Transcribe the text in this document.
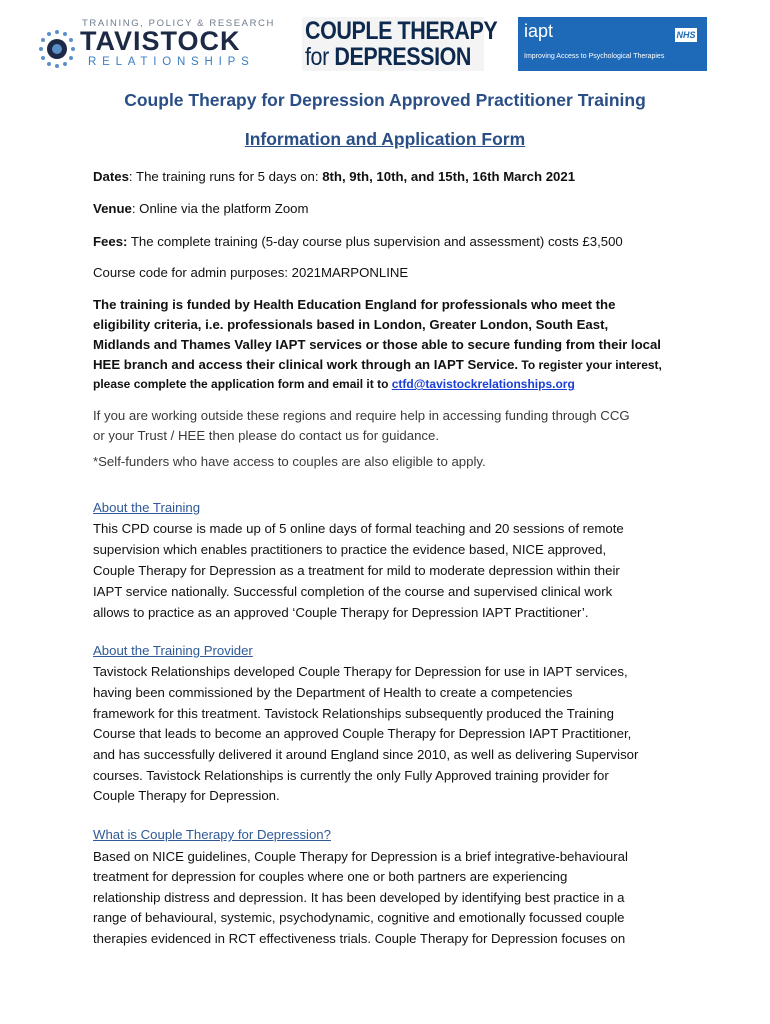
TRAINING, POLICY & RESEARCH
TAVISTOCK
RELATIONSHIPS
COUPLE THERAPY
for DEPRESSION
iapt
Improving Access to Psychological Therapies
NHS
Couple Therapy for Depression Approved Practitioner Training
Information and Application Form
Dates: The training runs for 5 days on: 8th, 9th, 10th, and 15th, 16th March 2021
Venue: Online via the platform Zoom
Fees: The complete training (5-day course plus supervision and assessment) costs £3,500
Course code for admin purposes: 2021MARPONLINE
The training is funded by Health Education England for professionals who meet the
eligibility criteria, i.e. professionals based in London, Greater London, South East,
Midlands and Thames Valley IAPT services or those able to secure funding from their local
HEE branch and access their clinical work through an IAPT Service. To register your interest,
please complete the application form and email it to ctfd@tavistockrelationships.org
If you are working outside these regions and require help in accessing funding through CCG
or your Trust / HEE then please do contact us for guidance.
*Self-funders who have access to couples are also eligible to apply.
About the Training
This CPD course is made up of 5 online days of formal teaching and 20 sessions of remote
supervision which enables practitioners to practice the evidence based, NICE approved,
Couple Therapy for Depression as a treatment for mild to moderate depression within their
IAPT service nationally. Successful completion of the course and supervised clinical work
allows to practice as an approved ‘Couple Therapy for Depression IAPT Practitioner’.
About the Training Provider
Tavistock Relationships developed Couple Therapy for Depression for use in IAPT services,
having been commissioned by the Department of Health to create a competencies
framework for this treatment. Tavistock Relationships subsequently produced the Training
Course that leads to become an approved Couple Therapy for Depression IAPT Practitioner,
and has successfully delivered it around England since 2010, as well as delivering Supervisor
courses. Tavistock Relationships is currently the only Fully Approved training provider for
Couple Therapy for Depression.
What is Couple Therapy for Depression?
Based on NICE guidelines, Couple Therapy for Depression is a brief integrative-behavioural
treatment for depression for couples where one or both partners are experiencing
relationship distress and depression. It has been developed by identifying best practice in a
range of behavioural, systemic, psychodynamic, cognitive and emotionally focussed couple
therapies evidenced in RCT effectiveness trials. Couple Therapy for Depression focuses on
